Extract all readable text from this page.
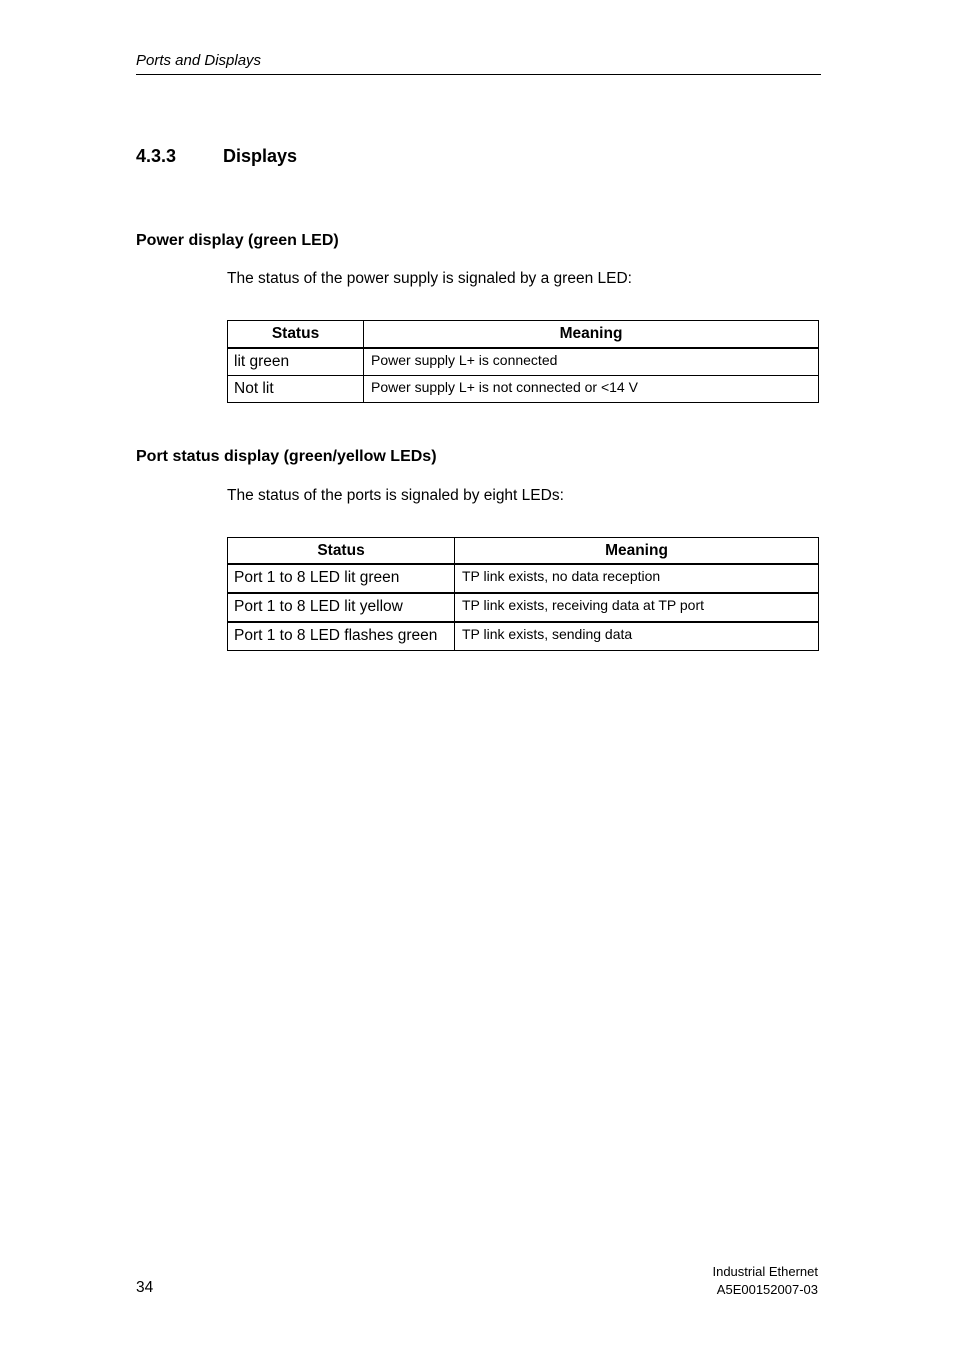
Ports and Displays
4.3.3	Displays
Power display (green LED)
The status of the power supply is signaled by a green LED:
Status	Meaning
lit green	Power supply L+ is connected
Not lit	Power supply L+ is not connected or <14 V
Port status display (green/yellow LEDs)
The status of the ports is signaled by eight LEDs:
Status	Meaning
Port 1 to 8 LED lit green	TP link exists, no data reception
Port 1 to 8 LED lit yellow	TP link exists, receiving data at TP port
Port 1 to 8 LED flashes green	TP link exists, sending data
34
Industrial Ethernet
A5E00152007-03
